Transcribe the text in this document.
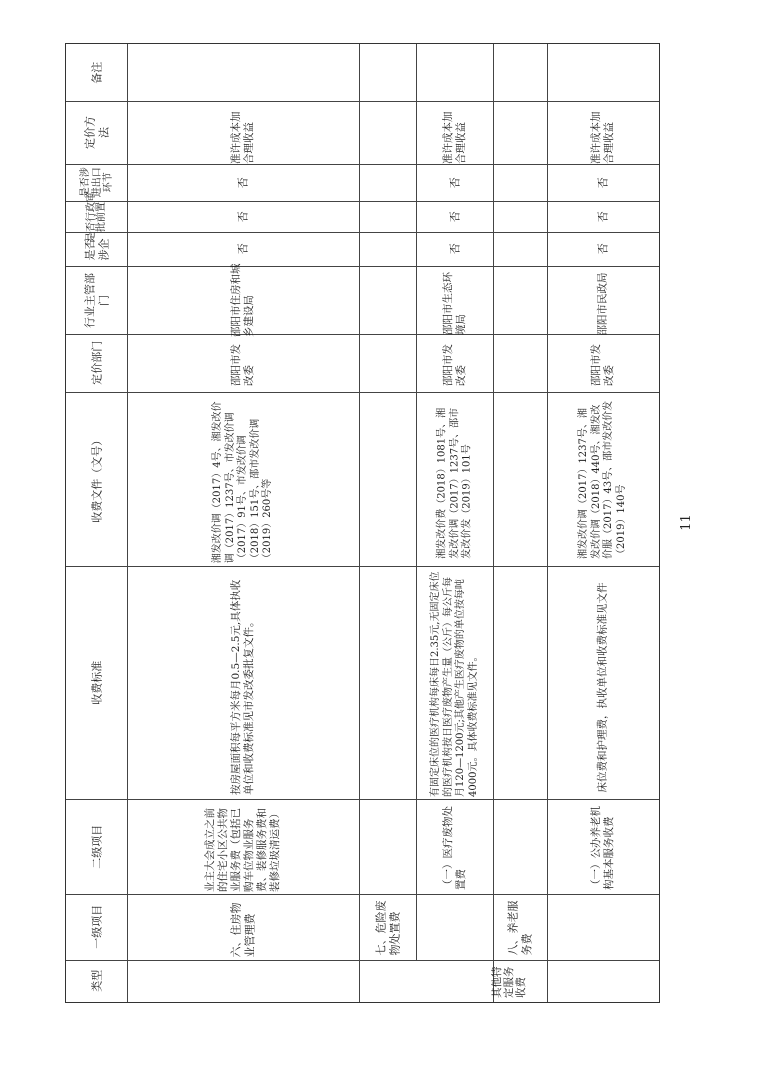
备注
定价方法
是否涉进出口环节
是否行政审批前置
是否涉企
行业主管部门
定价部门
收费文件（文号）
收费标准
二级项目
一级项目
类型
准许成本加合理收益
否
否
否
邵阳市住房和城乡建设局
邵阳市发改委
湘发改价调（2017）4号、湘发改价调（2017）1237号、市发改价调（2017）91号、市发改价调（2018）151号、邵市发改价调（2019）260号等
按房屋面积每平方米每月0.5—2.5元,具体执收单位和收费标准见市发改委批复文件。
业主大会成立之前的住宅小区公共物业服务费（包括已购车位物业服务费、装修服务费和装修垃圾清运费）
六、住房物业管理费	七、危险废物处置费
准许成本加合理收益
否
否
否
邵阳市生态环境局
邵阳市发改委
湘发改价费（2018）1081号、湘发改价调（2017）1237号、邵市发改价发（2019）101号
有固定床位的医疗机构每床每日2.35元,无固定床位的医疗机构按日医疗废物产生量（公斤）每公斤每月120—1200元;其他产生医疗废物的单位按每吨4000元。具体收费标准见文件。
（一）医疗废物处置费
其他特定服务收费
八、养老服务费
准许成本加合理收益
否
否
否
邵阳市民政局
邵阳市发改委
湘发改价调（2017）1237号、湘发改价调（2018）440号、湘发改价服（2017）43号、邵市发改价发（2019）140号
床位费和护理费，执收单位和收费标准见文件
（一）公办养老机构基本服务收费
11
